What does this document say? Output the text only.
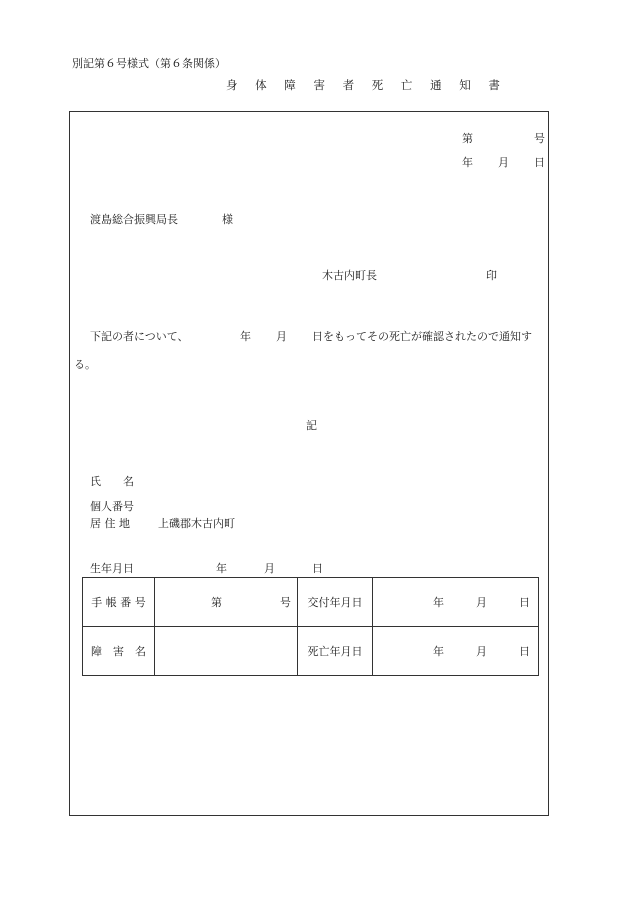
別記第６号様式（第６条関係）
身 体 障 害 者 死 亡 通 知 書
第	号
年 月 日
渡島総合振興局長	様
木古内町長	印
下記の者について、	年 月 日をもってその死亡が確認されたので通知す
る。
記
氏　　名
個人番号
居 住 地	上磯郡木古内町
生年月日	年	月	日
手 帳 番 号	第 号	交付年月日	年 月 日

障　害　名		死亡年月日	年 月 日
